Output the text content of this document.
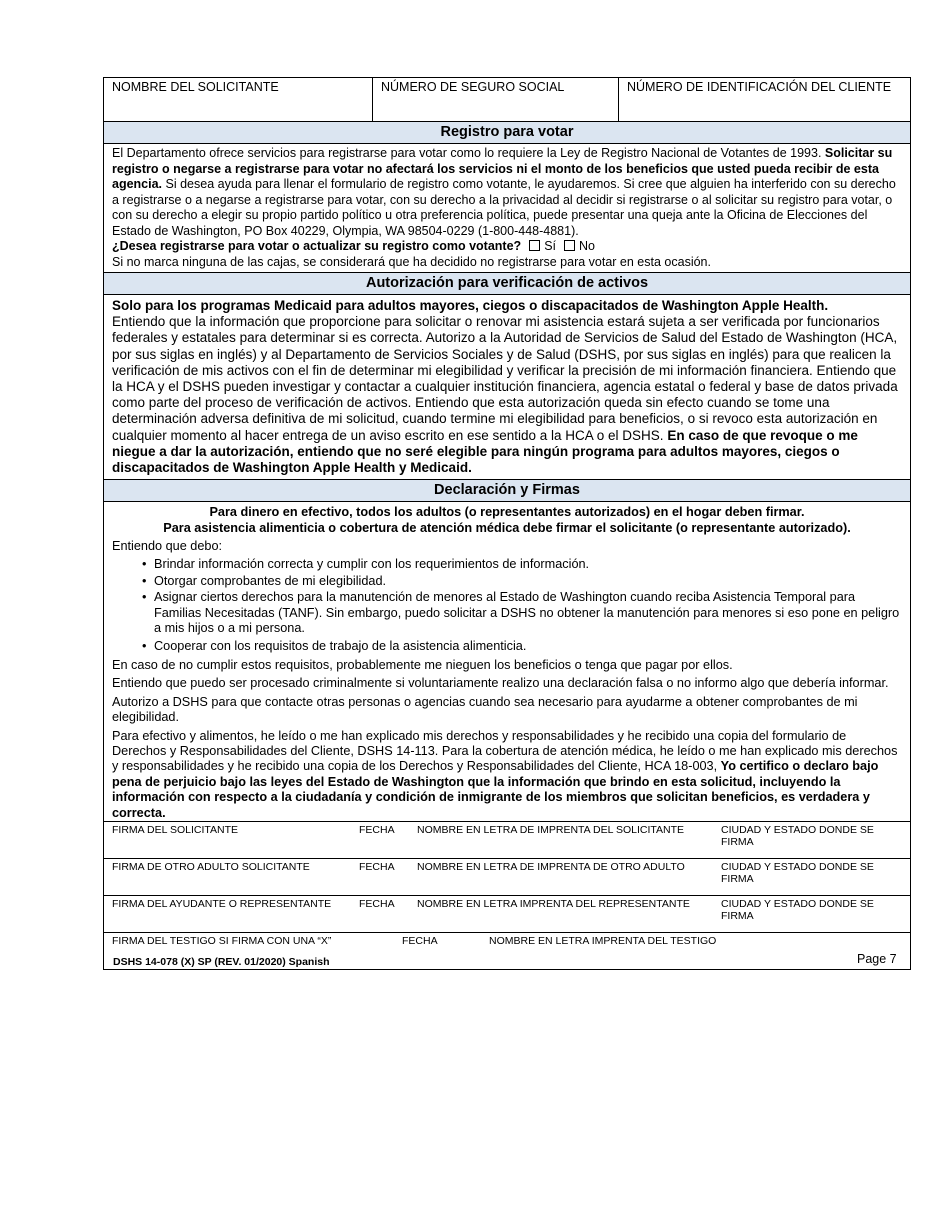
NOMBRE DEL SOLICITANTE	NÚMERO DE SEGURO SOCIAL	NÚMERO DE IDENTIFICACIÓN DEL CLIENTE
Registro para votar
El Departamento ofrece servicios para registrarse para votar como lo requiere la Ley de Registro Nacional de Votantes de 1993. Solicitar su registro o negarse a registrarse para votar no afectará los servicios ni el monto de los beneficios que usted pueda recibir de esta agencia. Si desea ayuda para llenar el formulario de registro como votante, le ayudaremos. Si cree que alguien ha interferido con su derecho a registrarse o a negarse a registrarse para votar, con su derecho a la privacidad al decidir si registrarse o al solicitar su registro para votar, o con su derecho a elegir su propio partido político u otra preferencia política, puede presentar una queja ante la Oficina de Elecciones del Estado de Washington, PO Box 40229, Olympia, WA 98504-0229 (1-800-448-4881).
¿Desea registrarse para votar o actualizar su registro como votante? Sí No
Si no marca ninguna de las cajas, se considerará que ha decidido no registrarse para votar en esta ocasión.
Autorización para verificación de activos
Solo para los programas Medicaid para adultos mayores, ciegos o discapacitados de Washington Apple Health.
Entiendo que la información que proporcione para solicitar o renovar mi asistencia estará sujeta a ser verificada por funcionarios federales y estatales para determinar si es correcta. Autorizo a la Autoridad de Servicios de Salud del Estado de Washington (HCA, por sus siglas en inglés) y al Departamento de Servicios Sociales y de Salud (DSHS, por sus siglas en inglés) para que realicen la verificación de mis activos con el fin de determinar mi elegibilidad y verificar la precisión de mi información financiera. Entiendo que la HCA y el DSHS pueden investigar y contactar a cualquier institución financiera, agencia estatal o federal y base de datos privada como parte del proceso de verificación de activos. Entiendo que esta autorización queda sin efecto cuando se tome una determinación adversa definitiva de mi solicitud, cuando termine mi elegibilidad para beneficios, o si revoco esta autorización en cualquier momento al hacer entrega de un aviso escrito en ese sentido a la HCA o el DSHS. En caso de que revoque o me niegue a dar la autorización, entiendo que no seré elegible para ningún programa para adultos mayores, ciegos o discapacitados de Washington Apple Health y Medicaid.
Declaración y Firmas
Para dinero en efectivo, todos los adultos (o representantes autorizados) en el hogar deben firmar.
Para asistencia alimenticia o cobertura de atención médica debe firmar el solicitante (o representante autorizado).

Entiendo que debo:

• Brindar información correcta y cumplir con los requerimientos de información.
• Otorgar comprobantes de mi elegibilidad.
• Asignar ciertos derechos para la manutención de menores al Estado de Washington cuando reciba Asistencia Temporal para Familias Necesitadas (TANF). Sin embargo, puedo solicitar a DSHS no obtener la manutención para menores si eso pone en peligro a mis hijos o a mi persona.
• Cooperar con los requisitos de trabajo de la asistencia alimenticia.

En caso de no cumplir estos requisitos, probablemente me nieguen los beneficios o tenga que pagar por ellos.

Entiendo que puedo ser procesado criminalmente si voluntariamente realizo una declaración falsa o no informo algo que debería informar.

Autorizo a DSHS para que contacte otras personas o agencias cuando sea necesario para ayudarme a obtener comprobantes de mi elegibilidad.

Para efectivo y alimentos, he leído o me han explicado mis derechos y responsabilidades y he recibido una copia del formulario de Derechos y Responsabilidades del Cliente, DSHS 14-113. Para la cobertura de atención médica, he leído o me han explicado mis derechos y responsabilidades y he recibido una copia de los Derechos y Responsabilidades del Cliente, HCA 18-003, Yo certifico o declaro bajo pena de perjuicio bajo las leyes del Estado de Washington que la información que brindo en esta solicitud, incluyendo la información con respecto a la ciudadanía y condición de inmigrante de los miembros que solicitan beneficios, es verdadera y correcta.

FIRMA DEL SOLICITANTE	FECHA NOMBRE EN LETRA DE IMPRENTA DEL SOLICITANTE	CIUDAD Y ESTADO DONDE SE FIRMA
FIRMA DE OTRO ADULTO SOLICITANTE	FECHA NOMBRE EN LETRA DE IMPRENTA DE OTRO ADULTO	CIUDAD Y ESTADO DONDE SE FIRMA
FIRMA DEL AYUDANTE O REPRESENTANTE	FECHA NOMBRE EN LETRA IMPRENTA DEL REPRESENTANTE	CIUDAD Y ESTADO DONDE SE FIRMA
FIRMA DEL TESTIGO SI FIRMA CON UNA “X”	FECHA	NOMBRE EN LETRA IMPRENTA DEL TESTIGO
DSHS 14-078 (X) SP (REV. 01/2020) Spanish	Page 7
